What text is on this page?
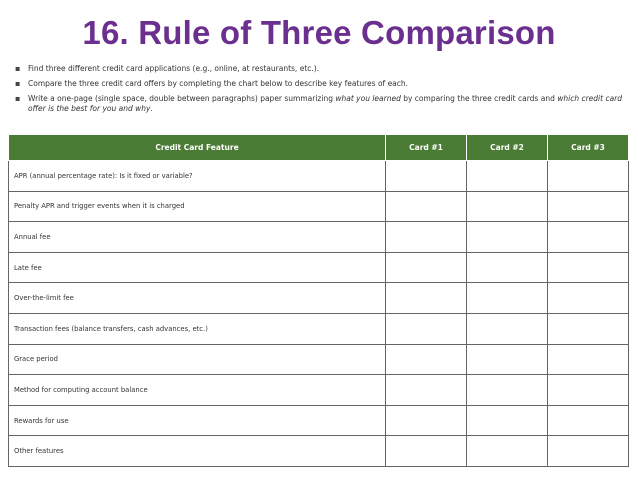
16. Rule of Three Comparison
▪ Find three different credit card applications (e.g., online, at restaurants, etc.).
▪ Compare the three credit card offers by completing the chart below to describe key features of each.
▪ Write a one-page (single space, double between paragraphs) paper summarizing what you learned by comparing the three credit cards and which credit card offer is the best for you and why.
Credit Card Feature	Card #1	Card #2	Card #3
APR (annual percentage rate): Is it fixed or variable?			
Penalty APR and trigger events when it is charged			
Annual fee			
Late fee			
Over-the-limit fee			
Transaction fees (balance transfers, cash advances, etc.)			
Grace period			
Method for computing account balance			
Rewards for use			
Other features			
